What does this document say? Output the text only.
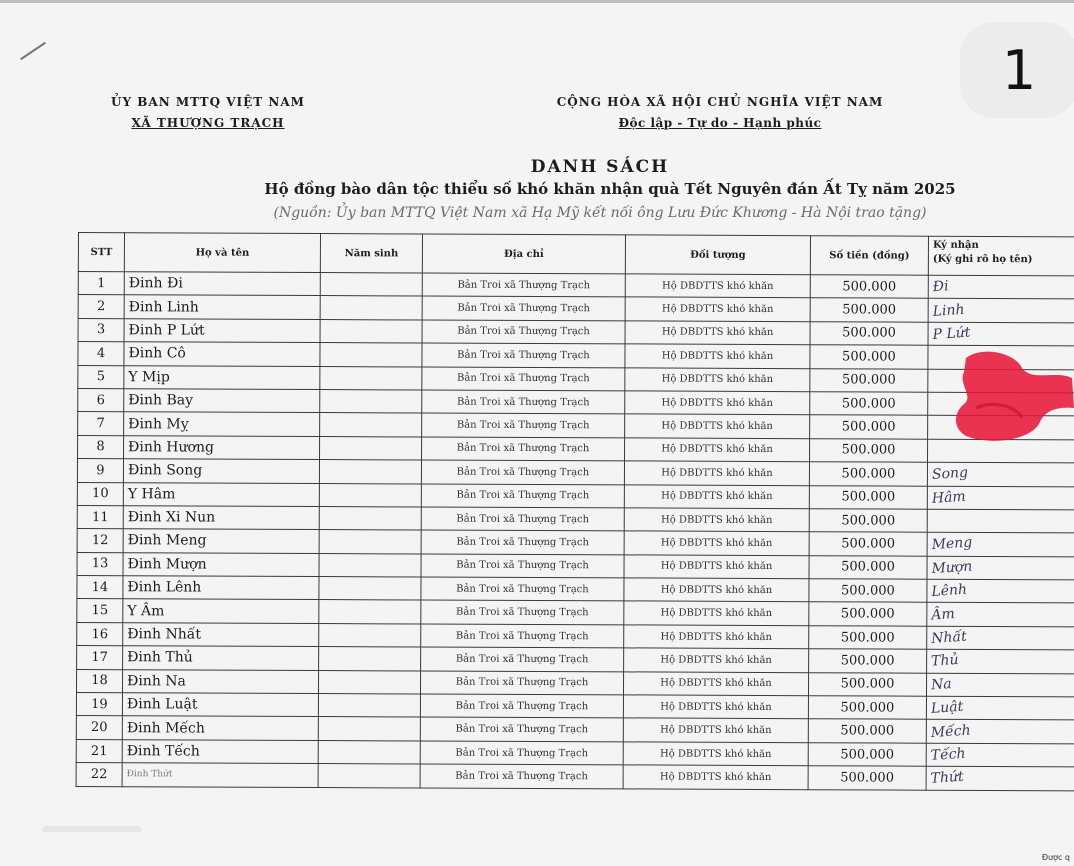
1
ỦY BAN MTTQ VIỆT NAM
XÃ THƯỢNG TRẠCH
CỘNG HÒA XÃ HỘI CHỦ NGHĨA VIỆT NAM
Độc lập - Tự do - Hạnh phúc
DANH SÁCH
Hộ đồng bào dân tộc thiểu số khó khăn nhận quà Tết Nguyên đán Ất Tỵ năm 2025
(Nguồn: Ủy ban MTTQ Việt Nam xã Hạ Mỹ kết nối ông Lưu Đức Khương - Hà Nội trao tặng)
STT	Họ và tên	Năm sinh	Địa chỉ	Đối tượng	Số tiền (đồng)	Ký nhận
(Ký ghi rõ họ tên)

1	Đinh Đi		Bản Troi xã Thượng Trạch	Hộ DBDTTS khó khăn	500.000	Đi
2	Đinh Linh		Bản Troi xã Thượng Trạch	Hộ DBDTTS khó khăn	500.000	Linh
3	Đinh P Lứt		Bản Troi xã Thượng Trạch	Hộ DBDTTS khó khăn	500.000	P Lứt
4	Đinh Cô		Bản Troi xã Thượng Trạch	Hộ DBDTTS khó khăn	500.000	
5	Y Mịp		Bản Troi xã Thượng Trạch	Hộ DBDTTS khó khăn	500.000	
6	Đinh Bay		Bản Troi xã Thượng Trạch	Hộ DBDTTS khó khăn	500.000	
7	Đinh Mỵ		Bản Troi xã Thượng Trạch	Hộ DBDTTS khó khăn	500.000	
8	Đinh Hương		Bản Troi xã Thượng Trạch	Hộ DBDTTS khó khăn	500.000	
9	Đinh Song		Bản Troi xã Thượng Trạch	Hộ DBDTTS khó khăn	500.000	Song
10	Y Hâm		Bản Troi xã Thượng Trạch	Hộ DBDTTS khó khăn	500.000	Hâm
11	Đinh Xi Nun		Bản Troi xã Thượng Trạch	Hộ DBDTTS khó khăn	500.000	
12	Đinh Meng		Bản Troi xã Thượng Trạch	Hộ DBDTTS khó khăn	500.000	Meng
13	Đinh Mượn		Bản Troi xã Thượng Trạch	Hộ DBDTTS khó khăn	500.000	Mượn
14	Đinh Lênh		Bản Troi xã Thượng Trạch	Hộ DBDTTS khó khăn	500.000	Lênh
15	Y Âm		Bản Troi xã Thượng Trạch	Hộ DBDTTS khó khăn	500.000	Âm
16	Đinh Nhất		Bản Troi xã Thượng Trạch	Hộ DBDTTS khó khăn	500.000	Nhất
17	Đinh Thủ		Bản Troi xã Thượng Trạch	Hộ DBDTTS khó khăn	500.000	Thủ
18	Đinh Na		Bản Troi xã Thượng Trạch	Hộ DBDTTS khó khăn	500.000	Na
19	Đinh Luật		Bản Troi xã Thượng Trạch	Hộ DBDTTS khó khăn	500.000	Luật
20	Đinh Mếch		Bản Troi xã Thượng Trạch	Hộ DBDTTS khó khăn	500.000	Mếch
21	Đinh Tếch		Bản Troi xã Thượng Trạch	Hộ DBDTTS khó khăn	500.000	Tếch
22	Đinh Thứt		Bản Troi xã Thượng Trạch	Hộ DBDTTS khó khăn	500.000	Thứt
Được q
